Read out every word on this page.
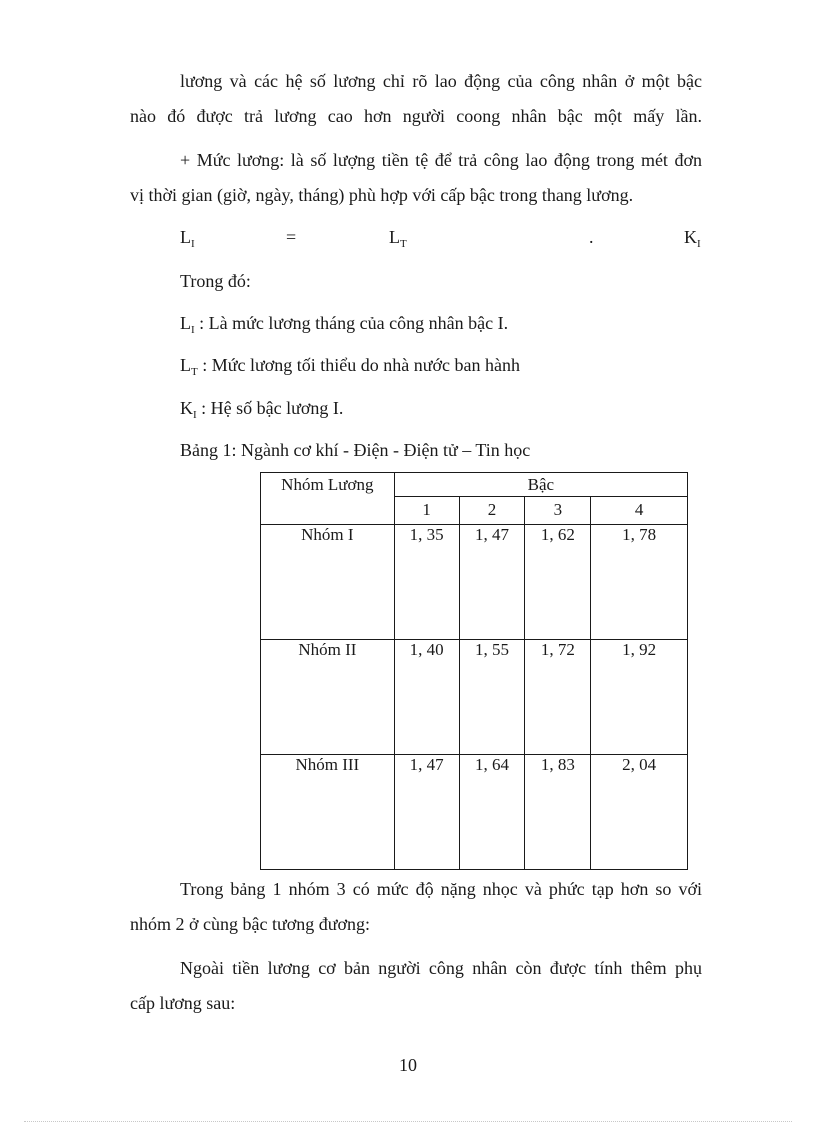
lương và các hệ số lương chỉ rõ lao động của công nhân ở một bậc
nào đó được trả lương cao hơn người coong nhân bậc một mấy lần.
+ Mức lương: là số lượng tiền tệ để trả công lao động trong mét đơn
vị thời gian (giờ, ngày, tháng) phù hợp với cấp bậc trong thang lương.
$L_I$	=	$L_T$	.	$K_I$
Trong đó:
$L_I$ : Là mức lương tháng của công nhân bậc I.
$L_T$ : Mức lương tối thiểu do nhà nước ban hành
$K_I$ : Hệ số bậc lương I.
Bảng 1: Ngành cơ khí - Điện - Điện tử – Tin học
Nhóm Lương	Bậc			
	1	2	3	4
Nhóm I	1, 35	1, 47	1, 62	1, 78
Nhóm II	1, 40	1, 55	1, 72	1, 92
Nhóm III	1, 47	1, 64	1, 83	2, 04
Trong bảng 1 nhóm 3 có mức độ nặng nhọc và phức tạp hơn so với
nhóm 2 ở cùng bậc tương đương:
Ngoài tiền lương cơ bản người công nhân còn được tính thêm phụ
cấp lương sau:
10
